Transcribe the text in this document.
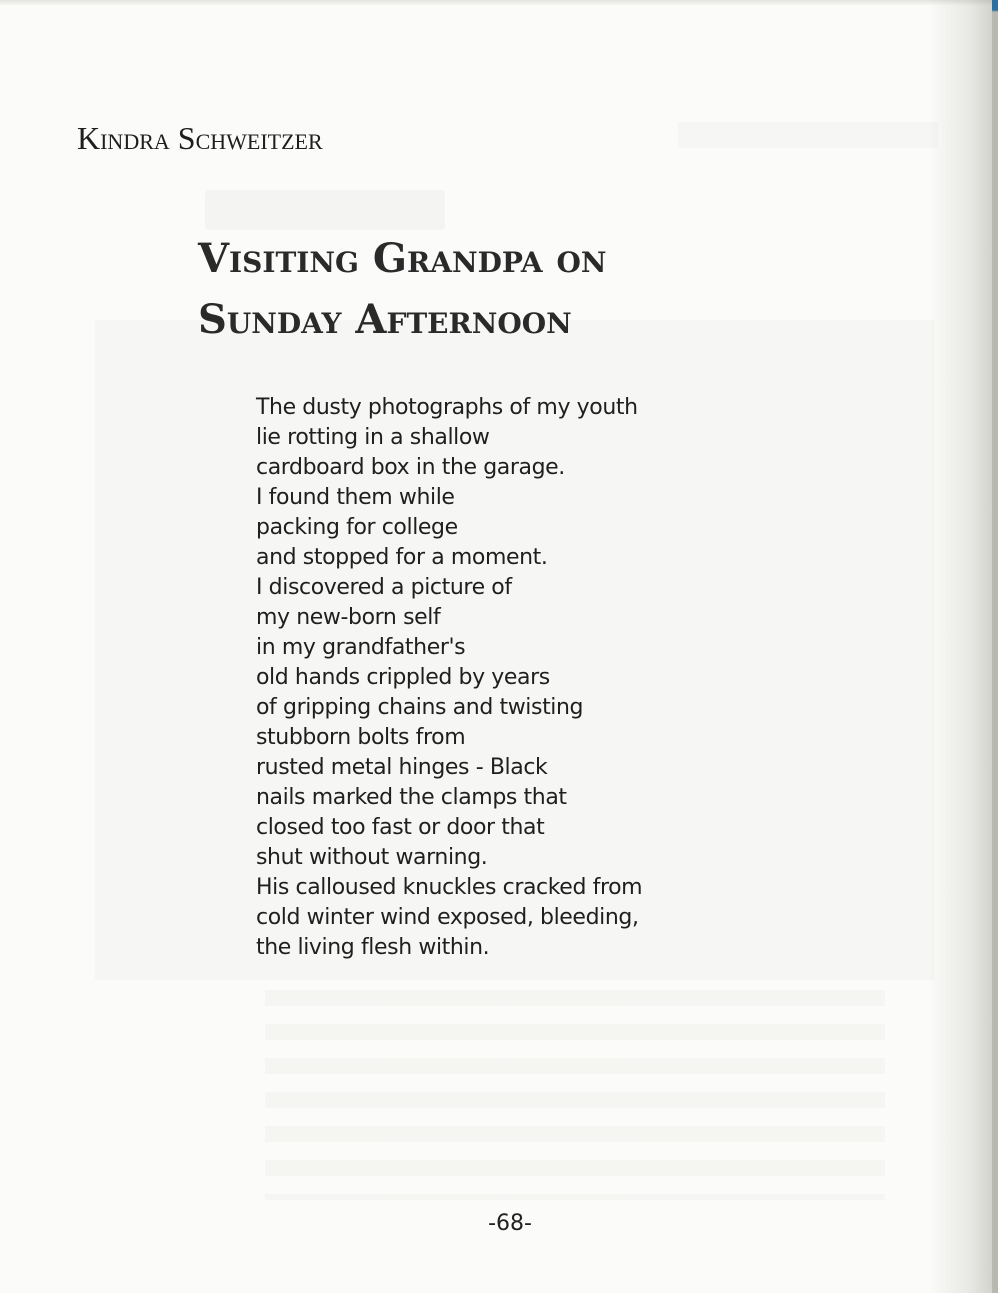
Kindra Schweitzer
Visiting Grandpa on
Sunday Afternoon
The dusty photographs of my youth
lie rotting in a shallow
cardboard box in the garage.
I found them while
packing for college
and stopped for a moment.
I discovered a picture of
my new-born self
in my grandfather's
old hands crippled by years
of gripping chains and twisting
stubborn bolts from
rusted metal hinges - Black
nails marked the clamps that
closed too fast or door that
shut without warning.
His calloused knuckles cracked from
cold winter wind exposed, bleeding,
the living flesh within.
-68-
